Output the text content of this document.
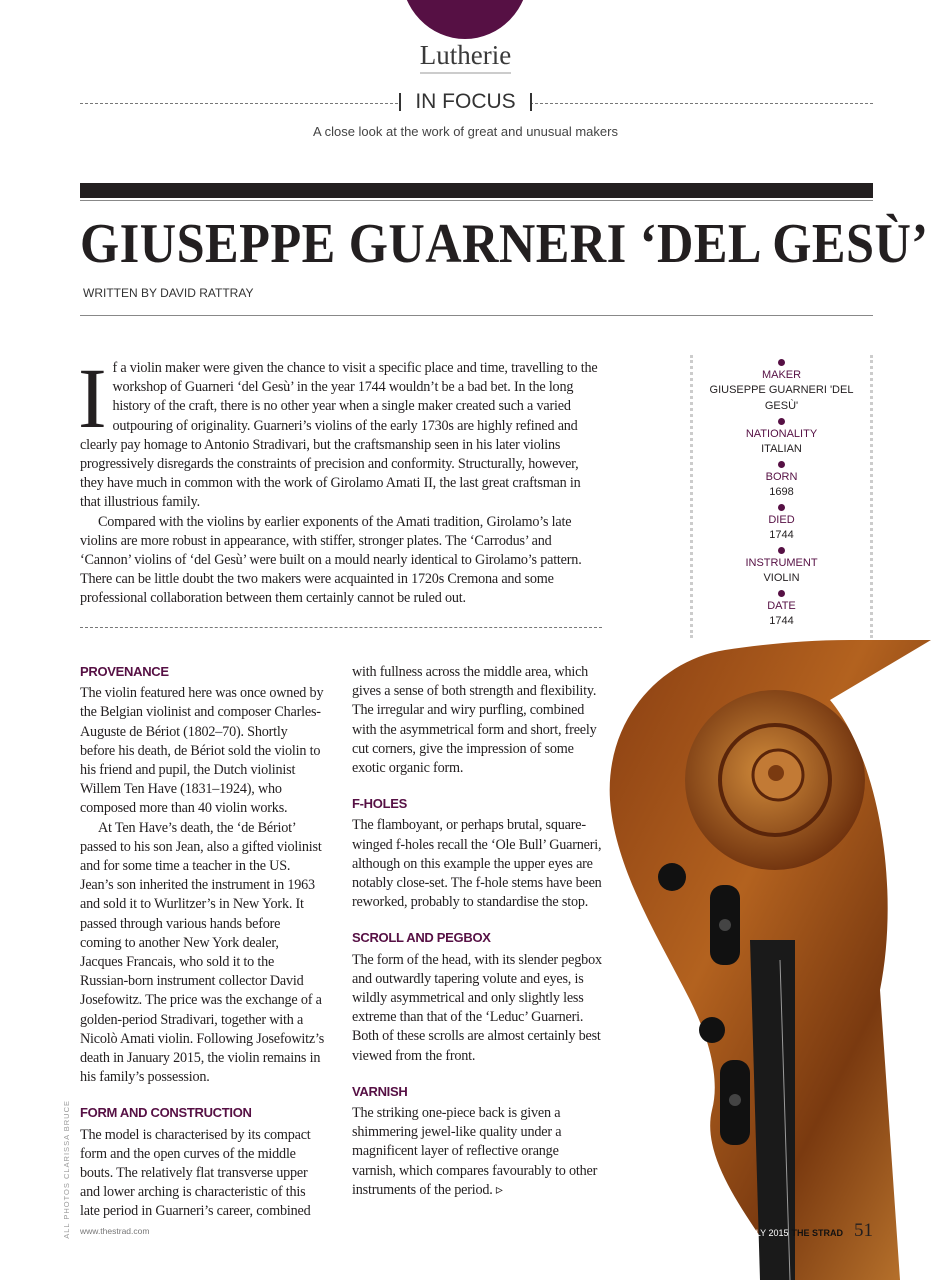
Lutherie
IN FOCUS
A close look at the work of great and unusual makers
GIUSEPPE GUARNERI ‘DEL GESÙ’
WRITTEN BY DAVID RATTRAY

If a violin maker were given the chance to visit a specific place and time, travelling to the workshop of Guarneri ‘del Gesù’ in the year 1744 wouldn’t be a bad bet. In the long history of the craft, there is no other year when a single maker created such a varied outpouring of originality. Guarneri’s violins of the early 1730s are highly refined and clearly pay homage to Antonio Stradivari, but the craftsmanship seen in his later violins progressively disregards the constraints of precision and conformity. Structurally, however, they have much in common with the work of Girolamo Amati II, the last great craftsman in that illustrious family.

Compared with the violins by earlier exponents of the Amati tradition, Girolamo’s late violins are more robust in appearance, with stiffer, stronger plates. The ‘Carrodus’ and ‘Cannon’ violins of ‘del Gesù’ were built on a mould nearly identical to Girolamo’s pattern. There can be little doubt the two makers were acquainted in 1720s Cremona and some professional collaboration between them certainly cannot be ruled out.

MAKER
GIUSEPPE GUARNERI 'DEL GESÙ'
NATIONALITY
ITALIAN
BORN
1698
DIED
1744
INSTRUMENT
VIOLIN
DATE
1744
PROVENANCE

The violin featured here was once owned by the Belgian violinist and composer Charles-Auguste de Bériot (1802–70). Shortly before his death, de Bériot sold the violin to his friend and pupil, the Dutch violinist Willem Ten Have (1831–1924), who composed more than 40 violin works.

At Ten Have’s death, the ‘de Bériot’ passed to his son Jean, also a gifted violinist and for some time a teacher in the US. Jean’s son inherited the instrument in 1963 and sold it to Wurlitzer’s in New York. It passed through various hands before coming to another New York dealer, Jacques Francais, who sold it to the Russian-born instrument collector David Josefowitz. The price was the exchange of a golden-period Stradivari, together with a Nicolò Amati violin. Following Josefowitz’s death in January 2015, the violin remains in his family’s possession.

FORM AND CONSTRUCTION

The model is characterised by its compact form and the open curves of the middle bouts. The relatively flat transverse upper and lower arching is characteristic of this late period in Guarneri’s career, combined

with fullness across the middle area, which gives a sense of both strength and flexibility. The irregular and wiry purfling, combined with the asymmetrical form and short, freely cut corners, give the impression of some exotic organic form.

F-HOLES

The flamboyant, or perhaps brutal, square-winged f-holes recall the ‘Ole Bull’ Guarneri, although on this example the upper eyes are notably close-set. The f-hole stems have been reworked, probably to standardise the stop.

SCROLL AND PEGBOX

The form of the head, with its slender pegbox and outwardly tapering volute and eyes, is wildly asymmetrical and only slightly less extreme than that of the ‘Leduc’ Guarneri. Both of these scrolls are almost certainly best viewed from the front.

VARNISH

The striking one-piece back is given a shimmering jewel-like quality under a magnificent layer of reflective orange varnish, which compares favourably to other instruments of the period. ▹

ALL PHOTOS CLARISSA BRUCE www.thestrad.com	JULY 2015 THE STRAD 51
